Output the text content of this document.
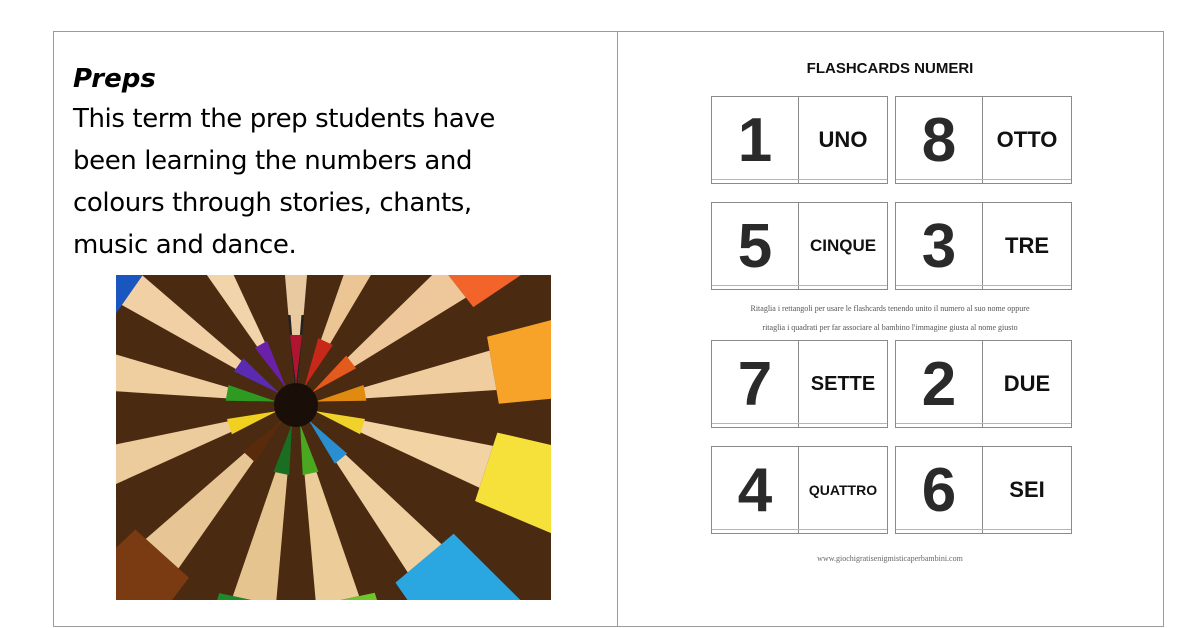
Preps
This term the prep students have
been learning the numbers and
colours through stories, chants,
music and dance.
FLASHCARDS NUMERI
1	UNO 8	OTTO
5	CINQUE 3	TRE
Ritaglia i rettangoli per usare le flashcards tenendo unito il numero al suo nome oppure
ritaglia i quadrati per far associare al bambino l'immagine giusta al nome giusto
7	SETTE 2	DUE
4	QUATTRO 6	SEI
www.giochigratisenigmisticaperbambini.com
